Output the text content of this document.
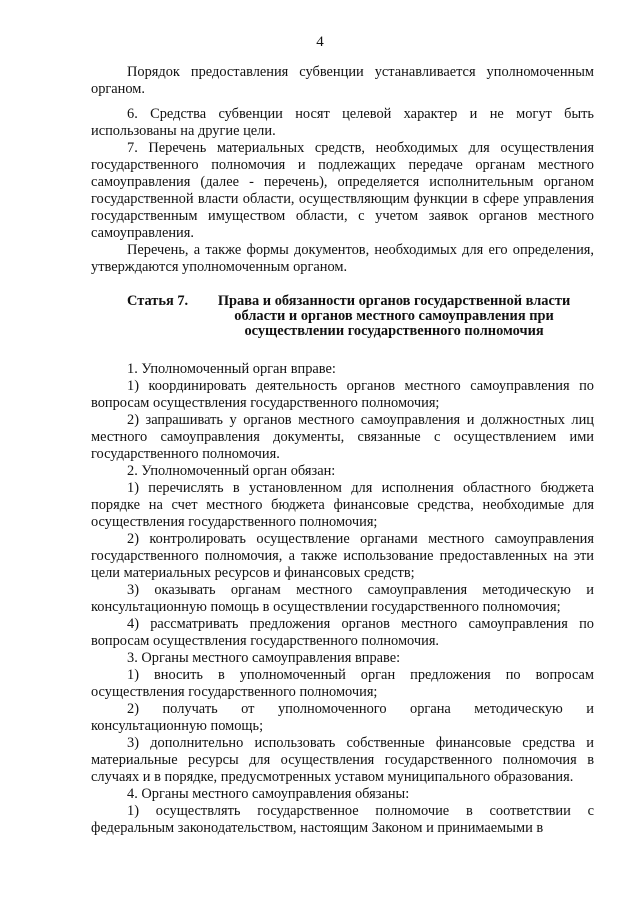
4

Порядок предоставления субвенции устанавливается уполномоченным органом.

6. Средства субвенции носят целевой характер и не могут быть использованы на другие цели.

7. Перечень материальных средств, необходимых для осуществления государственного полномочия и подлежащих передаче органам местного самоуправления (далее - перечень), определяется исполнительным органом государственной власти области, осуществляющим функции в сфере управления государственным имуществом области, с учетом заявок органов местного самоуправления.

Перечень, а также формы документов, необходимых для его определения, утверждаются уполномоченным органом.

Статья 7.	Права и обязанности органов государственной власти области и органов местного самоуправления при осуществлении государственного полномочия

1. Уполномоченный орган вправе:

1) координировать деятельность органов местного самоуправления по вопросам осуществления государственного полномочия;

2) запрашивать у органов местного самоуправления и должностных лиц местного самоуправления документы, связанные с осуществлением ими государственного полномочия.

2. Уполномоченный орган обязан:

1) перечислять в установленном для исполнения областного бюджета порядке на счет местного бюджета финансовые средства, необходимые для осуществления государственного полномочия;

2) контролировать осуществление органами местного самоуправления государственного полномочия, а также использование предоставленных на эти цели материальных ресурсов и финансовых средств;

3) оказывать органам местного самоуправления методическую и консультационную помощь в осуществлении государственного полномочия;

4) рассматривать предложения органов местного самоуправления по вопросам осуществления государственного полномочия.

3. Органы местного самоуправления вправе:

1) вносить в уполномоченный орган предложения по вопросам осуществления государственного полномочия;

2) получать от уполномоченного органа методическую и консультационную помощь;

3) дополнительно использовать собственные финансовые средства и материальные ресурсы для осуществления государственного полномочия в случаях и в порядке, предусмотренных уставом муниципального образования.

4. Органы местного самоуправления обязаны:

1) осуществлять государственное полномочие в соответствии с федеральным законодательством, настоящим Законом и принимаемыми в
